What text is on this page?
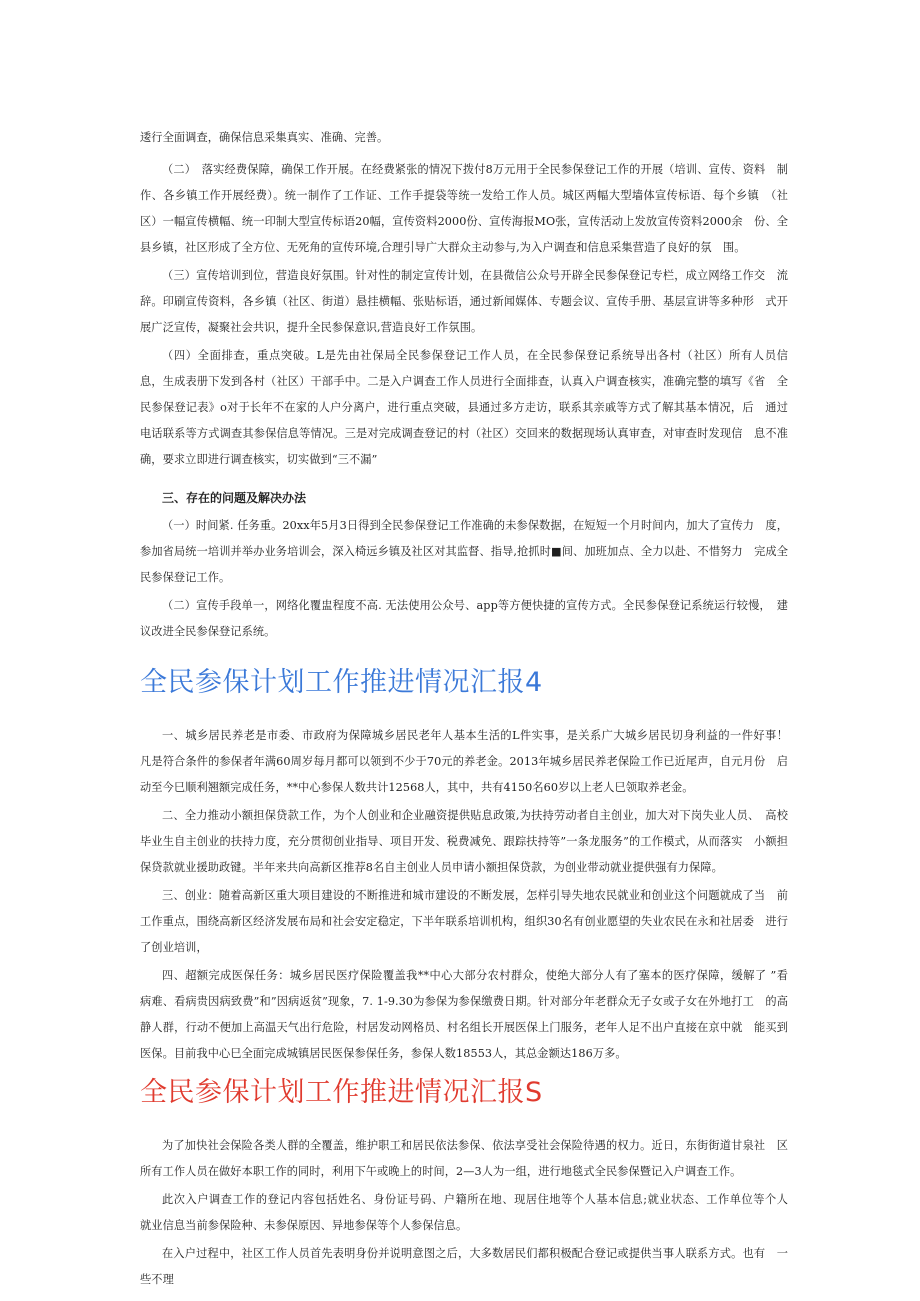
逶行全面调查，确保信息采集真实、准确、完善。

（二）　落实经费保障，确保工作开展。在经费紧张的情况下拨付8万元用于全民参保登记工作的开展（培训、宣传、资料　制作、各乡镇工作开展经费）。统一制作了工作证、工作手提袋等统一发给工作人员。城区两幅大型墙体宣传标语、每个乡镇　（社区）一幅宣传横幅、统一印制大型宣传标语20幅，宣传资料2000份、宣传海报MO张，宣传活动上发放宣传资料2000余　份、全县乡镇，社区形成了全方位、无死角的宣传环境,合理引导广大群众主动参与,为入户调查和信息采集营造了良好的氛　围。

（三）宣传培训到位，营造良好氛围。针对性的制定宣传计划，在县微信公众号开辟全民参保登记专栏，成立网络工作交　流辞。印刷宣传资料，各乡镇（社区、街道）悬挂横幅、张贴标语，通过新闻媒体、专题会议、宣传手册、基层宣讲等多种形　式开展广泛宣传，凝聚社会共识，提升全民参保意识,营造良好工作氛围。

（四）全面排查，重点突破。L是先由社保局全民参保登记工作人员，在全民参保登记系统导出各村（社区）所有人员信　息，生成表册下发到各村（社区）干部手中。二是入户调查工作人员进行全面排查，认真入户调查核实，准确完整的填写《省　全民参保登记表》o对于长年不在家的人户分离户，进行重点突破，县通过多方走访，联系其亲戚等方式了解其基本情况，后　通过电话联系等方式调查其参保信息等情况。三是对完成调查登记的村（社区）交回来的数据现场认真审查，对审查时发现信　息不准确，要求立即进行调查核实，切实做到“三不漏”

三、存在的问题及解决办法

（一）时间紧. 任务重。20xx年5月3日得到全民参保登记工作准确的未参保数据，在短短一个月时间内，加大了宣传力　度，参加省局统一培训并举办业务培训会，深入椅远乡镇及社区对其监督、指导,抢抓时■间、加班加点、全力以赴、不惜努力　完成全民参保登记工作。

（二）宣传手段单一，网络化覆盅程度不高. 无法使用公众号、app等方便快捷的宣传方式。全民参保登记系统运行较慢，　建议改进全民参保登记系统。

全民参保计划工作推进情况汇报4

一、城乡居民养老是市委、市政府为保障城乡居民老年人基本生活的L件实事，是关系广大城乡居民切身利益的一件好事！　凡是符合条件的参保者年满60周岁每月都可以领到不少于70元的养老金。2013年城乡居民养老保险工作已近尾声，自元月份　启动至今巳顺利翘额完成任务，**中心参保人数共计12568人，其中，共有4150名60岁以上老人巳领取养老金。

二、全力推动小额担保贷款工作，为个人创业和企业融资提供贴息政策,为扶持劳动者自主创业，加大对下岗失业人员、　高校毕业生自主创业的扶持力度，充分贯彻创业指导、项目开发、税费减免、跟踪扶持等”一条龙服务”的工作模式，从而落实　小额担保贷款就业援助政键。半年来共向高新区推荐8名自主创业人员申请小额担保贷款，为创业带动就业提供强有力保障。

三、创业：随着高新区重大项目建设的不断推进和城市建设的不断发展，怎样引导失地农民就业和创业这个问题就成了当　前工作重点，围绕高新区经济发展布局和社会安定稳定，下半年联系培训机构，组织30名有创业愿望的失业农民在永和社居委　进行了创业培训，

四、超额完成医保任务：城乡居民医疗保险覆盖我**中心大部分农村群众，使绝大部分人有了塞本的医疗保障，缓解了 ”看　病难、看病贵因病致费”和”因病返贫”现象，7. 1-9.30为参保为参保缴费日期。针对部分年老群众无子女或子女在外地打工　的高静人群，行动不便加上高温天气出行危险，村居发动网格员、村名组长开展医保上门服务，老年人足不出户直接在京中就　能买到医保。目前我中心巳全面完成城镇居民医保参保任务，参保人数18553人，其总金额达186万多。

全民参保计划工作推进情况汇报S

为了加快社会保险各类人群的全覆盖，维护职工和居民依法参保、依法享受社会保险待遇的权力。近日，东街街道甘泉社　区所有工作人员在做好本职工作的同时，利用下午或晚上的时间，2—3人为一组，进行地毯式全民参保暨记入户调查工作。

此次入户调查工作的登记内容包括姓名、身份证号码、户籍所在地、现居住地等个人基本信息;就业状态、工作单位等个人　　就业信息当前参保险种、未参保原因、异地参保等个人参保信息。

在入户过程中，社区工作人员首先表明身份并说明意图之后，大多数居民们都积极配合登记或提供当事人联系方式。也有　一些不理
